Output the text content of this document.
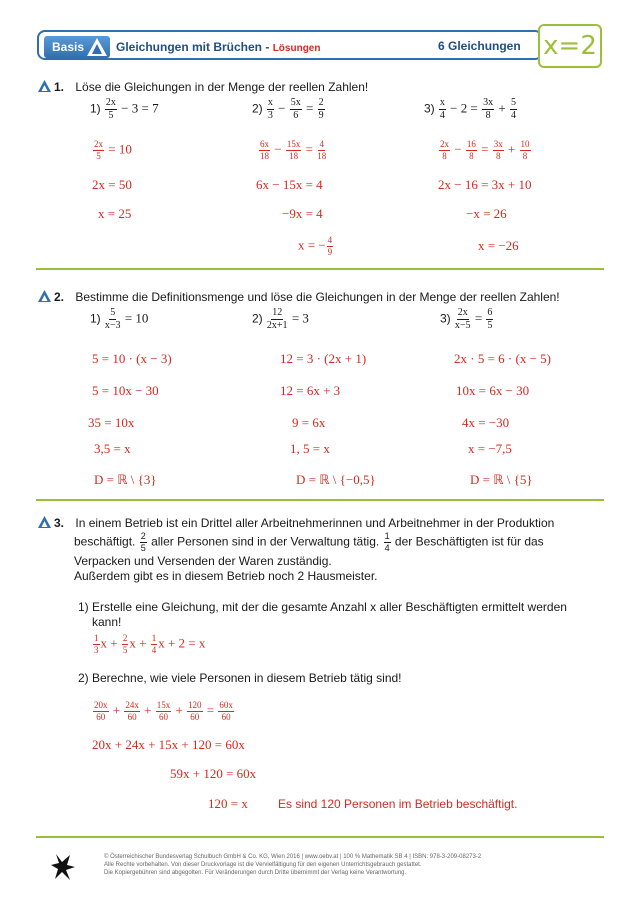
Basis	Gleichungen mit Brüchen - Lösungen	6 Gleichungen x=2
1. Löse die Gleichungen in der Menge der reellen Zahlen!
$1) \frac{2x}{5} - 3 = 7$
$\frac{2x}{5} = 10$
2x = 50
x = 25
$2) \frac{x}{3} - \frac{5x}{6} = \frac{2}{9}$
$\frac{6x}{18} - \frac{15x}{18} = \frac{4}{18}$
6x − 15x = 4
−9x = 4
x = − $\frac{4}{9}$
$3) \frac{x}{4} - 2 = \frac{3x}{8} + \frac{5}{4}$
$\frac{2x}{8} - \frac{16}{8} = \frac{3x}{8} + \frac{10}{8}$
2x − 16 = 3x + 10
−x = 26
x = −26
2. Bestimme die Definitionsmenge und löse die Gleichungen in der Menge der reellen Zahlen!
$1) \frac{5}{x-3} = 10$	$2) \frac{12}{2x+1} = 3$	$3) \frac{2x}{x-5} = \frac{6}{5}$
5 = 10 · (x − 3)
5 = 10x − 30
35 = 10x
3,5 = x
D = ℝ \ {3}
12 = 3 · (2x + 1)
12 = 6x + 3
9 = 6x
1, 5 = x
D = ℝ \ {−0,5}
2x · 5 = 6 · (x − 5)
10x = 6x − 30
4x = −30
x = −7,5
D = ℝ \ {5}
3. In einem Betrieb ist ein Drittel aller Arbeitnehmerinnen und Arbeitnehmer in der Produktion
beschäftigt. $\frac{2}{5}$ aller Personen sind in der Verwaltung tätig. $\frac{1}{4}$ der Beschäftigten ist für das
Verpacken und Versenden der Waren zuständig.
Außerdem gibt es in diesem Betrieb noch 2 Hausmeister.
1) Erstelle eine Gleichung, mit der die gesamte Anzahl x aller Beschäftigten ermittelt werden
kann!
$\frac{1}{3}$ $x + \frac{2}{5}$ $x + \frac{1}{4}$ x + 2 = x
2) Berechne, wie viele Personen in diesem Betrieb tätig sind!
$\frac{20x}{60} + \frac{24x}{60} + \frac{15x}{60} + \frac{120}{60} = \frac{60x}{60}$
20x + 24x + 15x + 120 = 60x
59x + 120 = 60x
120 = x	Es sind 120 Personen im Betrieb beschäftigt.
© Österreichischer Bundesverlag Schulbuch GmbH & Co. KG, Wien 2016 | www.oebv.at | 100 % Mathematik SB 4 | ISBN: 978-3-209-08273-2
Alle Rechte vorbehalten. Von dieser Druckvorlage ist die Vervielfältigung für den eigenen Unterrichtsgebrauch gestattet.
Die Kopiergebühren sind abgegolten. Für Veränderungen durch Dritte übernimmt der Verlag keine Verantwortung.
